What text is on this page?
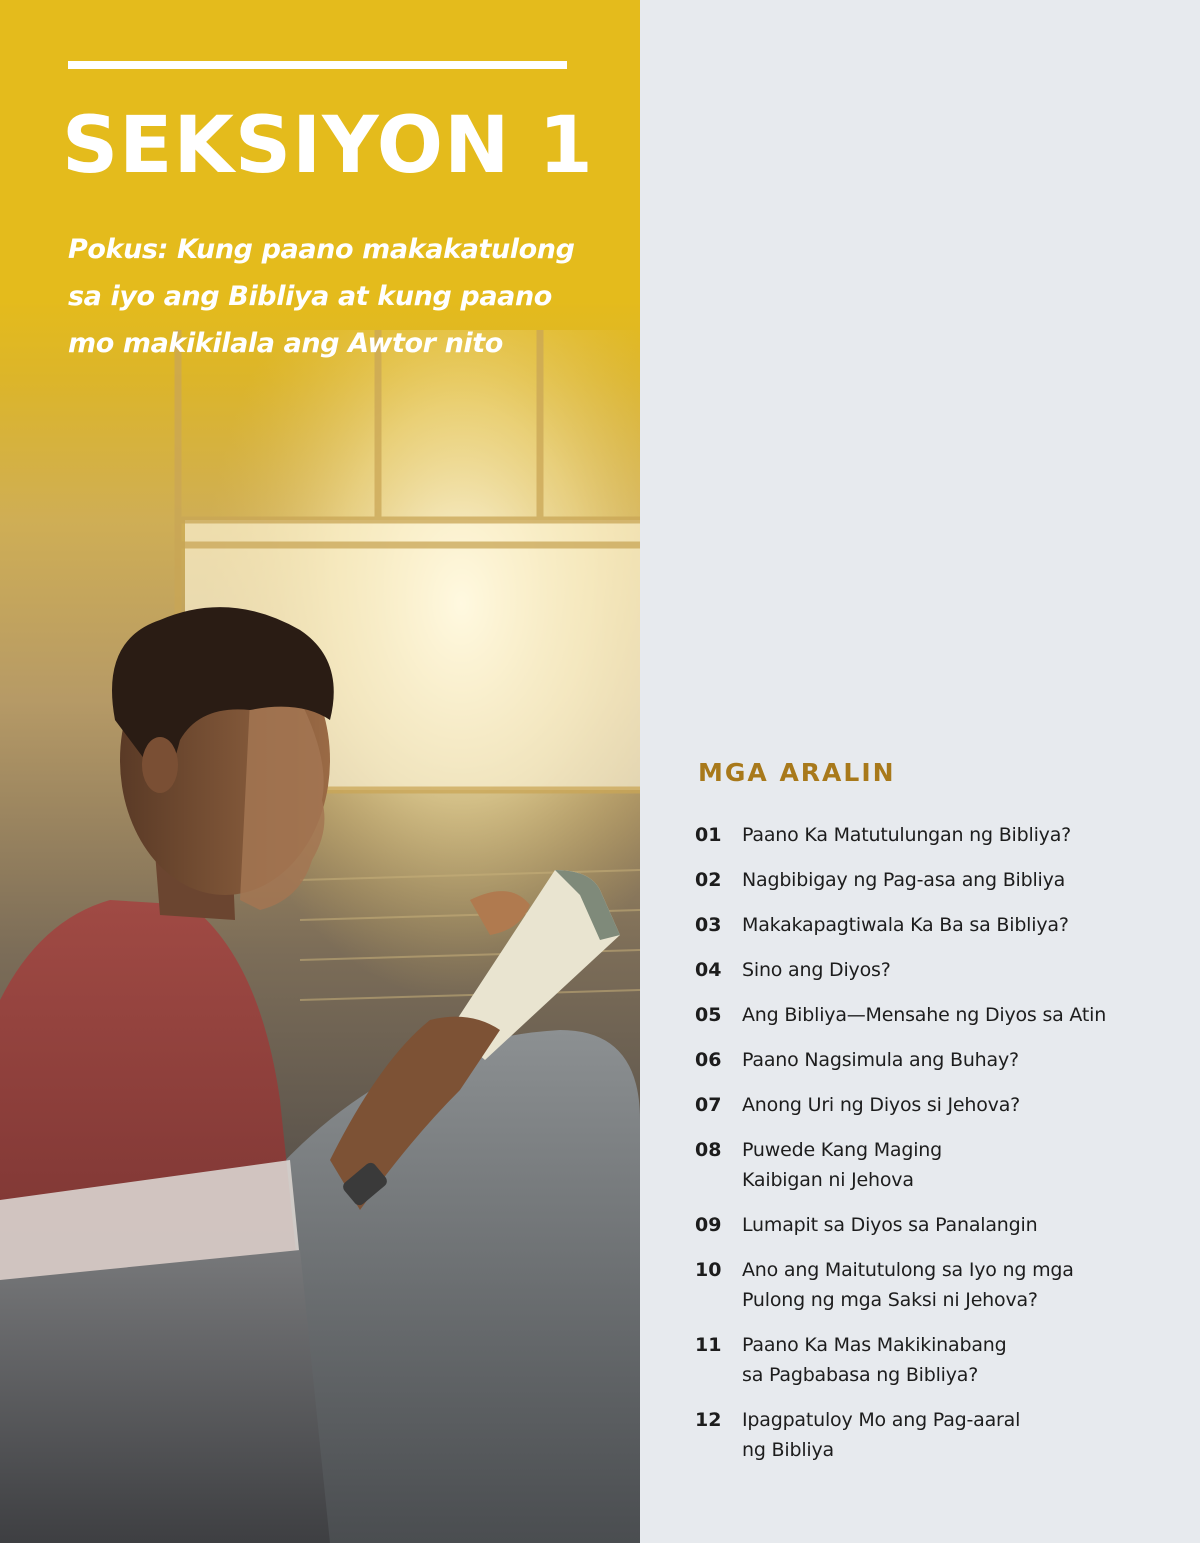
SEKSIYON 1

Pokus: Kung paano makakatulong
sa iyo ang Bibliya at kung paano
mo makikilala ang Awtor nito

MGA ARALIN
01	Paano Ka Matutulungan ng Bibliya?
02	Nagbibigay ng Pag-asa ang Bibliya
03	Makakapagtiwala Ka Ba sa Bibliya?
04	Sino ang Diyos?
05	Ang Bibliya—Mensahe ng Diyos sa Atin
06	Paano Nagsimula ang Buhay?
07	Anong Uri ng Diyos si Jehova?
08	Puwede Kang Maging
Kaibigan ni Jehova
09	Lumapit sa Diyos sa Panalangin
10	Ano ang Maitutulong sa Iyo ng mga
Pulong ng mga Saksi ni Jehova?
11	Paano Ka Mas Makikinabang
sa Pagbabasa ng Bibliya?
12	Ipagpatuloy Mo ang Pag-aaral
ng Bibliya
